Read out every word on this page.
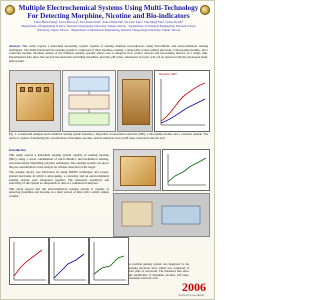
Multiple Electrochemical Systems Using Multi-Technology
For Detecting Morphine, Nicotine and Bio-indicators
Chen-Hsun Wang¹, Giwe-Bin Lee², Yu-Chuan Chen¹, Kun-Chuan He¹, Wei-Tse Liao², Wei-Ming Yeh², Chun-Yu Wu¹
¹Department of Engineering Science, National Cheng Kung University, Tainan, Taiwan · ²Department of Chemical Engineering, National Taiwan University, Taipei, Taiwan · ³Department of Mechanical Engineering, National Cheng Kung University, Tainan, Taiwan
Abstract This study reports a hand-held measuring system capable of sensing multiple bio-indicators using microfluidic and electrochemical sensing techniques. The multi-functional bio-sensing system is composed of three modules, namely, a disposable screen-printed electrode, a micropump module, and a controller module. Modular design of the multiple sensing systems allows one to integrate flow control devices and bio-sensing devices on a single chip. Experimental data show that several bio-molecules including morphine, nicotine, pH value, cholesterol and uric acid can be detected with the developed hand-held system.
Morphine: NMT
Fig. 1. A hand-held multiple electrochemical sensing system featuring a disposable screen-printed electrode (SPE), a micropump module and a controller module. The device is capable of measuring the concentrations of morphine, nicotine, and bio-indicators such as pH value, cholesterol and uric acid.

Introduction

This study reports a hand-held sensing system capable of sensing nicotine (NIC), using a novel combination of micro-fluidics, electrochemical sensing, and molecularly imprinting polymer techniques. The sensing system can prove the pre-concentration of the analyte for reliable detection of the target.

The sensing device was fabricated by using MEMS techniques and screen-printed electrodes in which a micropump, a controller and an electrochemical sensing system were integrated together. The measured sensitivity and selectivity of the system is comparable to that of a commercial analyzer.

This study reports that the electrochemical sensing system is capable of detecting morphine and nicotine in a short period of time with a small sample volume.

A portable sensing system was integrated to the sensing electrode array which was composed of four pairs of electrodes. The measured data show the sensitivities of morphine, nicotine, pH value, cholesterol and uric acid.
2006
NCKU-NTU Bio-MEMS
